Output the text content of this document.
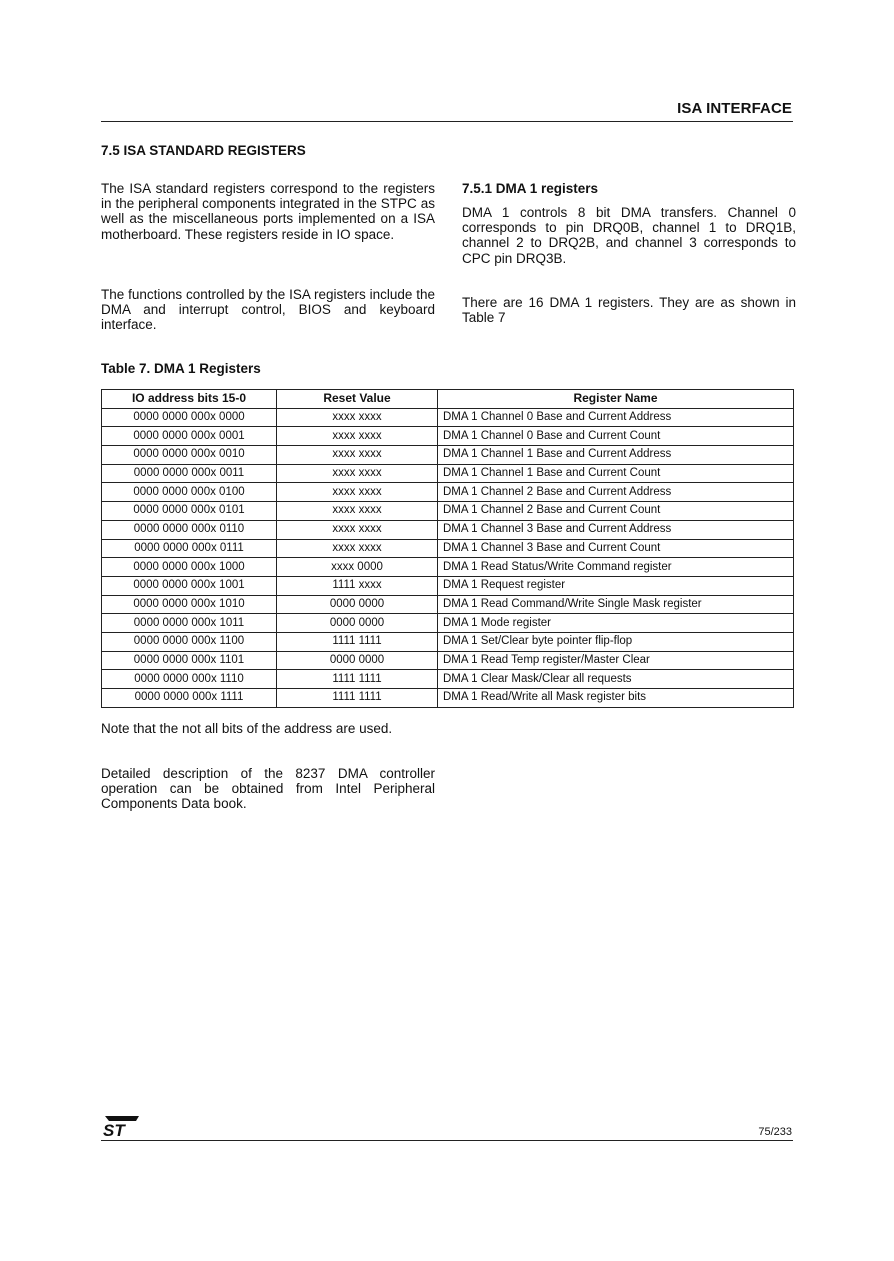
ISA INTERFACE
7.5 ISA STANDARD REGISTERS
The ISA standard registers correspond to the registers in the peripheral components integrated in the STPC as well as the miscellaneous ports implemented on a ISA motherboard. These registers reside in IO space.
The functions controlled by the ISA registers include the DMA and interrupt control, BIOS and keyboard interface.
7.5.1 DMA 1 registers
DMA 1 controls 8 bit DMA transfers. Channel 0 corresponds to pin DRQ0B, channel 1 to DRQ1B, channel 2 to DRQ2B, and channel 3 corresponds to CPC pin DRQ3B.
There are 16 DMA 1 registers. They are as shown in Table 7
Table 7. DMA 1 Registers
IO address bits 15-0	Reset Value	Register Name
0000 0000 000x 0000	xxxx xxxx	DMA 1 Channel 0 Base and Current Address
0000 0000 000x 0001	xxxx xxxx	DMA 1 Channel 0 Base and Current Count
0000 0000 000x 0010	xxxx xxxx	DMA 1 Channel 1 Base and Current Address
0000 0000 000x 0011	xxxx xxxx	DMA 1 Channel 1 Base and Current Count
0000 0000 000x 0100	xxxx xxxx	DMA 1 Channel 2 Base and Current Address
0000 0000 000x 0101	xxxx xxxx	DMA 1 Channel 2 Base and Current Count
0000 0000 000x 0110	xxxx xxxx	DMA 1 Channel 3 Base and Current Address
0000 0000 000x 0111	xxxx xxxx	DMA 1 Channel 3 Base and Current Count
0000 0000 000x 1000	xxxx 0000	DMA 1 Read Status/Write Command register
0000 0000 000x 1001	1111 xxxx	DMA 1 Request register
0000 0000 000x 1010	0000 0000	DMA 1 Read Command/Write Single Mask register
0000 0000 000x 1011	0000 0000	DMA 1 Mode register
0000 0000 000x 1100	1111 1111	DMA 1 Set/Clear byte pointer flip-flop
0000 0000 000x 1101	0000 0000	DMA 1 Read Temp register/Master Clear
0000 0000 000x 1110	1111 1111	DMA 1 Clear Mask/Clear all requests
0000 0000 000x 1111	1111 1111	DMA 1 Read/Write all Mask register bits
Note that the not all bits of the address are used.
Detailed description of the 8237 DMA controller operation can be obtained from Intel Peripheral Components Data book.
ST	75/233
